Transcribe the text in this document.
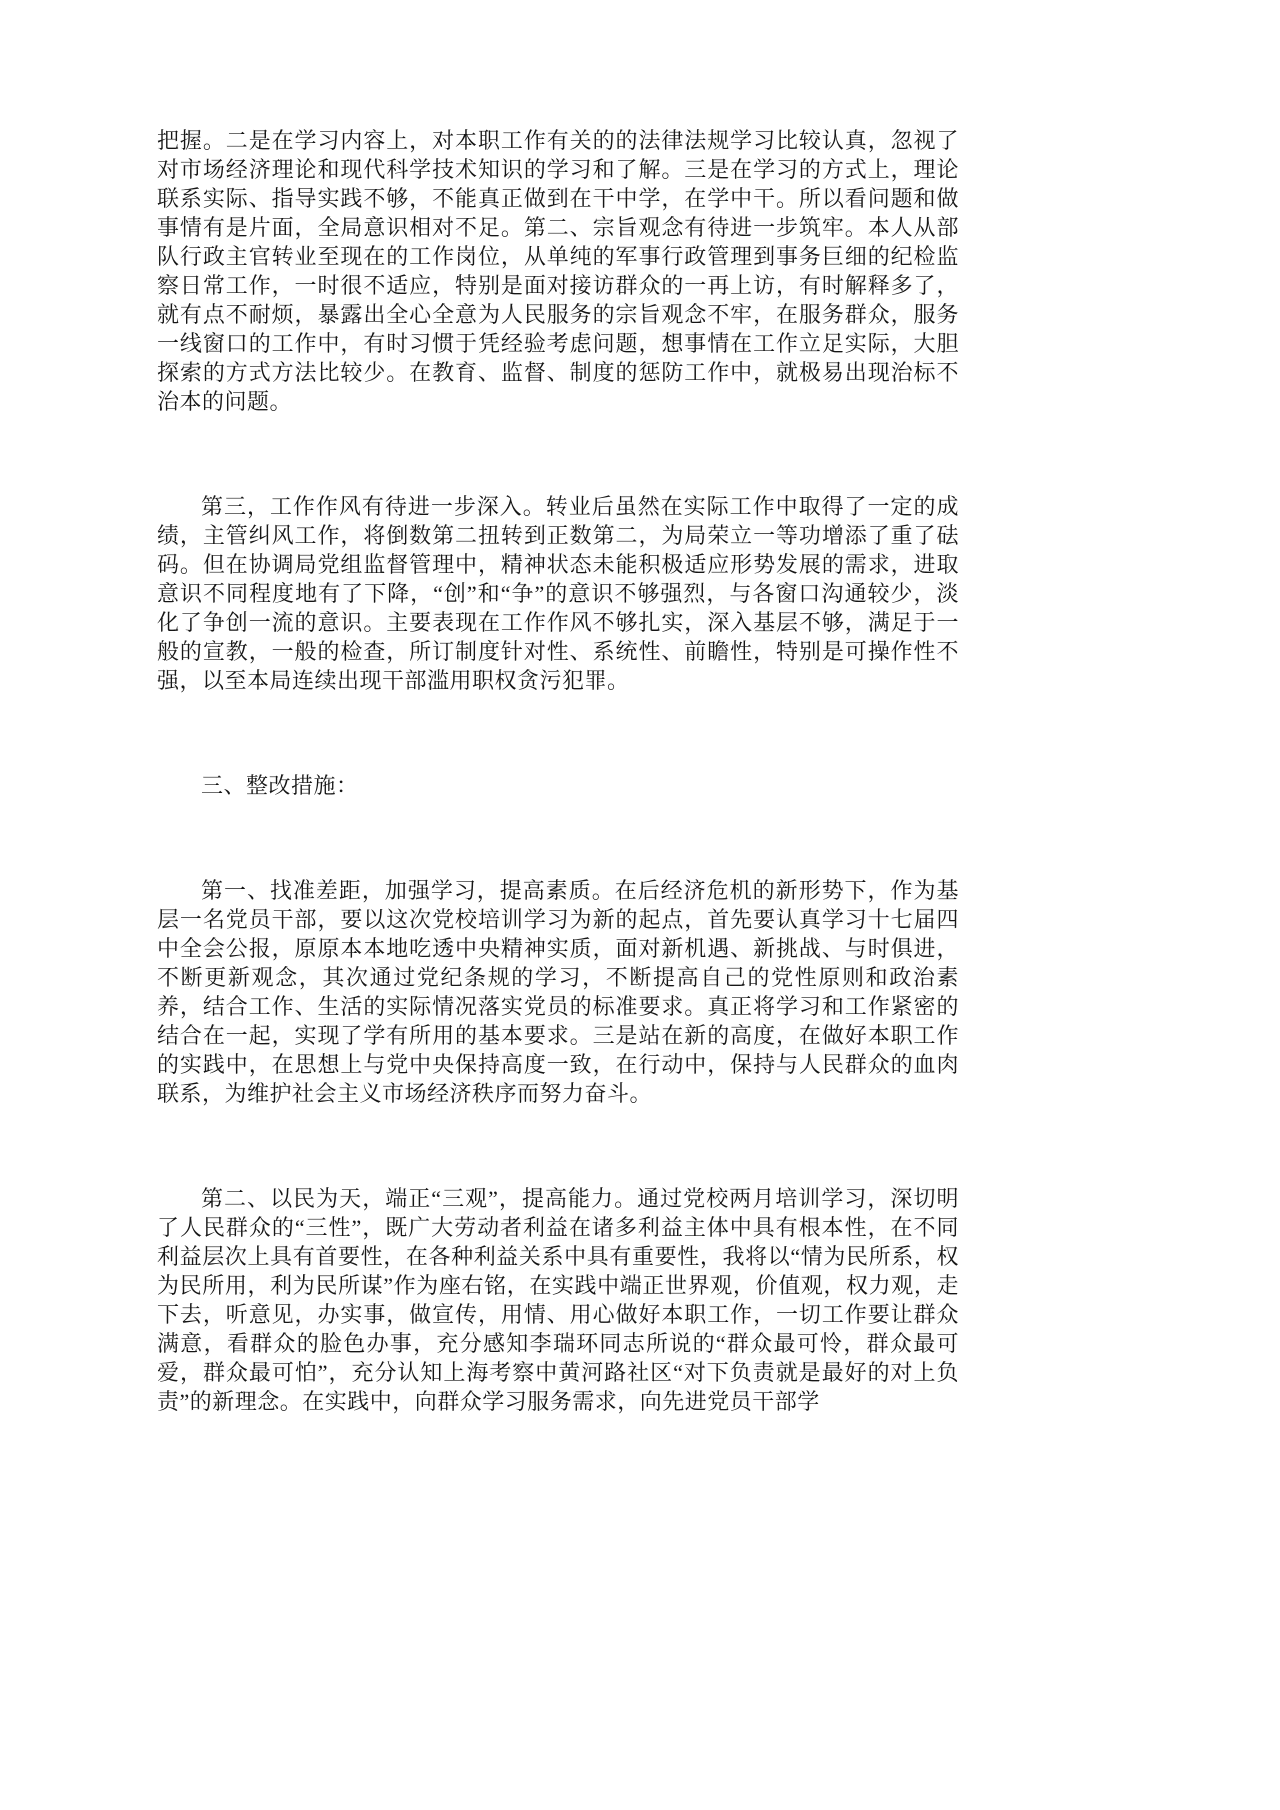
把握。二是在学习内容上，对本职工作有关的的法律法规学习比较认真，忽视了对市场经济理论和现代科学技术知识的学习和了解。三是在学习的方式上，理论联系实际、指导实践不够，不能真正做到在干中学，在学中干。所以看问题和做事情有是片面，全局意识相对不足。第二、宗旨观念有待进一步筑牢。本人从部队行政主官转业至现在的工作岗位，从单纯的军事行政管理到事务巨细的纪检监察日常工作，一时很不适应，特别是面对接访群众的一再上访，有时解释多了，就有点不耐烦，暴露出全心全意为人民服务的宗旨观念不牢，在服务群众，服务一线窗口的工作中，有时习惯于凭经验考虑问题，想事情在工作立足实际，大胆探索的方式方法比较少。在教育、监督、制度的惩防工作中，就极易出现治标不治本的问题。

第三，工作作风有待进一步深入。转业后虽然在实际工作中取得了一定的成绩，主管纠风工作，将倒数第二扭转到正数第二，为局荣立一等功增添了重了砝码。但在协调局党组监督管理中，精神状态未能积极适应形势发展的需求，进取意识不同程度地有了下降，“创”和“争”的意识不够强烈，与各窗口沟通较少，淡化了争创一流的意识。主要表现在工作作风不够扎实，深入基层不够，满足于一般的宣教，一般的检查，所订制度针对性、系统性、前瞻性，特别是可操作性不强，以至本局连续出现干部滥用职权贪污犯罪。

三、整改措施：

第一、找准差距，加强学习，提高素质。在后经济危机的新形势下，作为基层一名党员干部，要以这次党校培训学习为新的起点，首先要认真学习十七届四中全会公报，原原本本地吃透中央精神实质，面对新机遇、新挑战、与时俱进，不断更新观念，其次通过党纪条规的学习，不断提高自己的党性原则和政治素养，结合工作、生活的实际情况落实党员的标准要求。真正将学习和工作紧密的结合在一起，实现了学有所用的基本要求。三是站在新的高度，在做好本职工作的实践中，在思想上与党中央保持高度一致，在行动中，保持与人民群众的血肉联系，为维护社会主义市场经济秩序而努力奋斗。

第二、以民为天，端正“三观”，提高能力。通过党校两月培训学习，深切明了人民群众的“三性”，既广大劳动者利益在诸多利益主体中具有根本性，在不同利益层次上具有首要性，在各种利益关系中具有重要性，我将以“情为民所系，权为民所用，利为民所谋”作为座右铭，在实践中端正世界观，价值观，权力观，走下去，听意见，办实事，做宣传，用情、用心做好本职工作，一切工作要让群众满意，看群众的脸色办事，充分感知李瑞环同志所说的“群众最可怜，群众最可爱，群众最可怕”，充分认知上海考察中黄河路社区“对下负责就是最好的对上负责”的新理念。在实践中，向群众学习服务需求，向先进党员干部学
